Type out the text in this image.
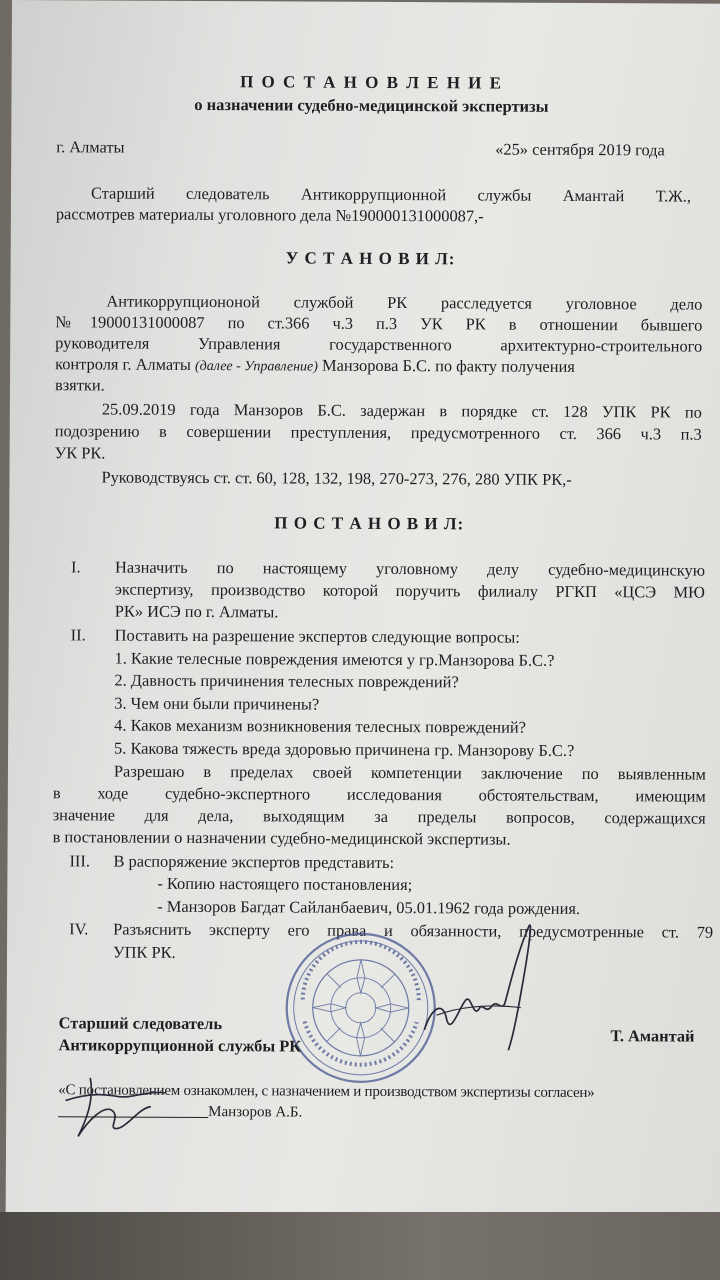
П О С Т А Н О В Л Е Н И Е
о назначении судебно-медицинской экспертизы
г. Алматы	«25» сентября 2019 года
Старший следователь Антикоррупционной службы Амантай Т.Ж.,
рассмотрев материалы уголовного дела №190000131000087,-
У С Т А Н О В И Л:
Антикоррупциононой службой РК расследуется уголовное дело
№19000131000087 по ст.366 ч.3 п.3 УК РК в отношении бывшего
руководителя Управления государственного архитектурно-строительного
контроля г. Алматы (далее - Управление) Манзорова Б.С. по факту получения
взятки.
25.09.2019 года Манзоров Б.С. задержан в порядке ст. 128 УПК РК по
подозрению в совершении преступления, предусмотренного ст. 366 ч.3 п.3
УК РК.
Руководствуясь ст. ст. 60, 128, 132, 198, 270-273, 276, 280 УПК РК,-
П О С Т А Н О В И Л:
I. Назначить по настоящему уголовному делу судебно-медицинскую
экспертизу, производство которой поручить филиалу РГКП «ЦСЭ МЮ
РК» ИСЭ по г. Алматы.
II. Поставить на разрешение экспертов следующие вопросы:
1. Какие телесные повреждения имеются у гр.Манзорова Б.С.?
2. Давность причинения телесных повреждений?
3. Чем они были причинены?
4. Каков механизм возникновения телесных повреждений?
5. Какова тяжесть вреда здоровью причинена гр. Манзорову Б.С.?
Разрешаю в пределах своей компетенции заключение по выявленным
в ходе судебно-экспертного исследования обстоятельствам, имеющим
значение для дела, выходящим за пределы вопросов, содержащихся
в постановлении о назначении судебно-медицинской экспертизы.
III. В распоряжение экспертов представить:
- Копию настоящего постановления;
- Манзоров Багдат Сайланбаевич, 05.01.1962 года рождения.
IV. Разъяснить эксперту его права и обязанности, предусмотренные ст. 79
УПК РК.
Старший следователь
Антикоррупционной службы РК	Т. Амантай
«С постановлением ознакомлен, с назначением и производством экспертизы согласен»
Манзоров А.Б.
